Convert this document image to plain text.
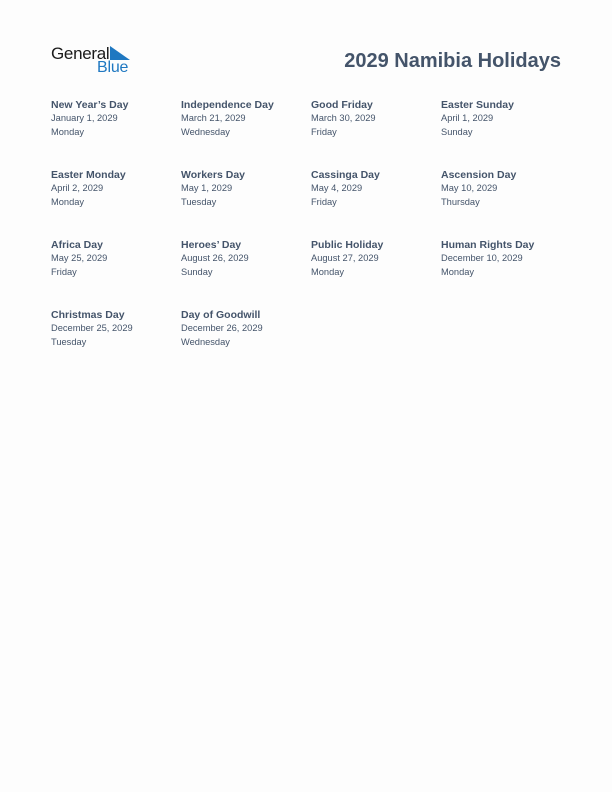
General
Blue	2029 Namibia Holidays
New Year’s Day
January 1, 2029
Monday
Independence Day
March 21, 2029
Wednesday
Good Friday
March 30, 2029
Friday
Easter Sunday
April 1, 2029
Sunday
Easter Monday
April 2, 2029
Monday
Workers Day
May 1, 2029
Tuesday
Cassinga Day
May 4, 2029
Friday
Ascension Day
May 10, 2029
Thursday
Africa Day
May 25, 2029
Friday
Heroes’ Day
August 26, 2029
Sunday
Public Holiday
August 27, 2029
Monday
Human Rights Day
December 10, 2029
Monday
Christmas Day
December 25, 2029
Tuesday
Day of Goodwill
December 26, 2029
Wednesday
